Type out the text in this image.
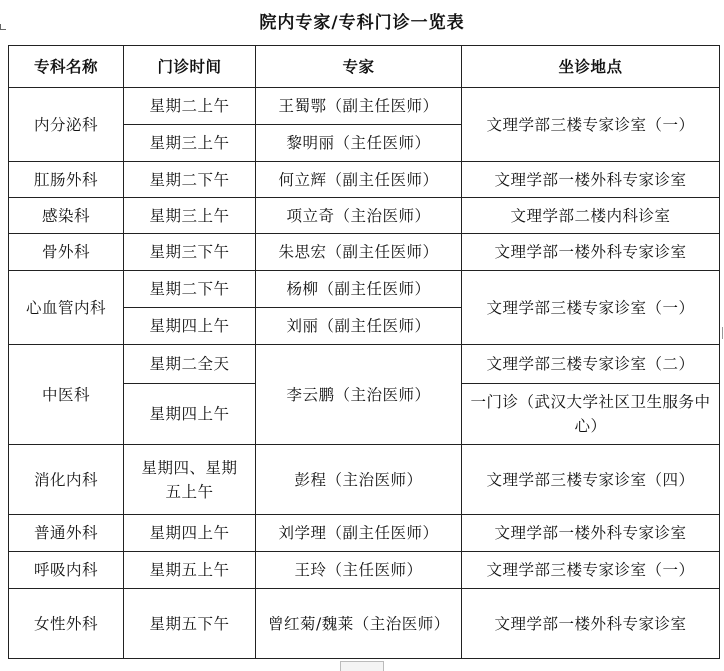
院内专家/专科门诊一览表
专科名称	门诊时间	专家	坐诊地点
内分泌科	星期二上午	王蜀鄂（副主任医师）	文理学部三楼专家诊室（一）
	星期三上午	黎明丽（主任医师）	
肛肠外科	星期二下午	何立辉（副主任医师）	文理学部一楼外科专家诊室
感染科	星期三上午	项立奇（主治医师）	文理学部二楼内科诊室
骨外科	星期三下午	朱思宏（副主任医师）	文理学部一楼外科专家诊室
心血管内科	星期二下午	杨柳（副主任医师）	文理学部三楼专家诊室（一）
	星期四上午	刘丽（副主任医师）	
中医科	星期二全天	李云鹏（主治医师）	文理学部三楼专家诊室（二）
	星期四上午		一门诊（武汉大学社区卫生服务中心）
消化内科	星期四、星期五上午	彭程（主治医师）	文理学部三楼专家诊室（四）
普通外科	星期四上午	刘学理（副主任医师）	文理学部一楼外科专家诊室
呼吸内科	星期五上午	王玲（主任医师）	文理学部三楼专家诊室（一）
女性外科	星期五下午	曾红菊/魏莱（主治医师）	文理学部一楼外科专家诊室
